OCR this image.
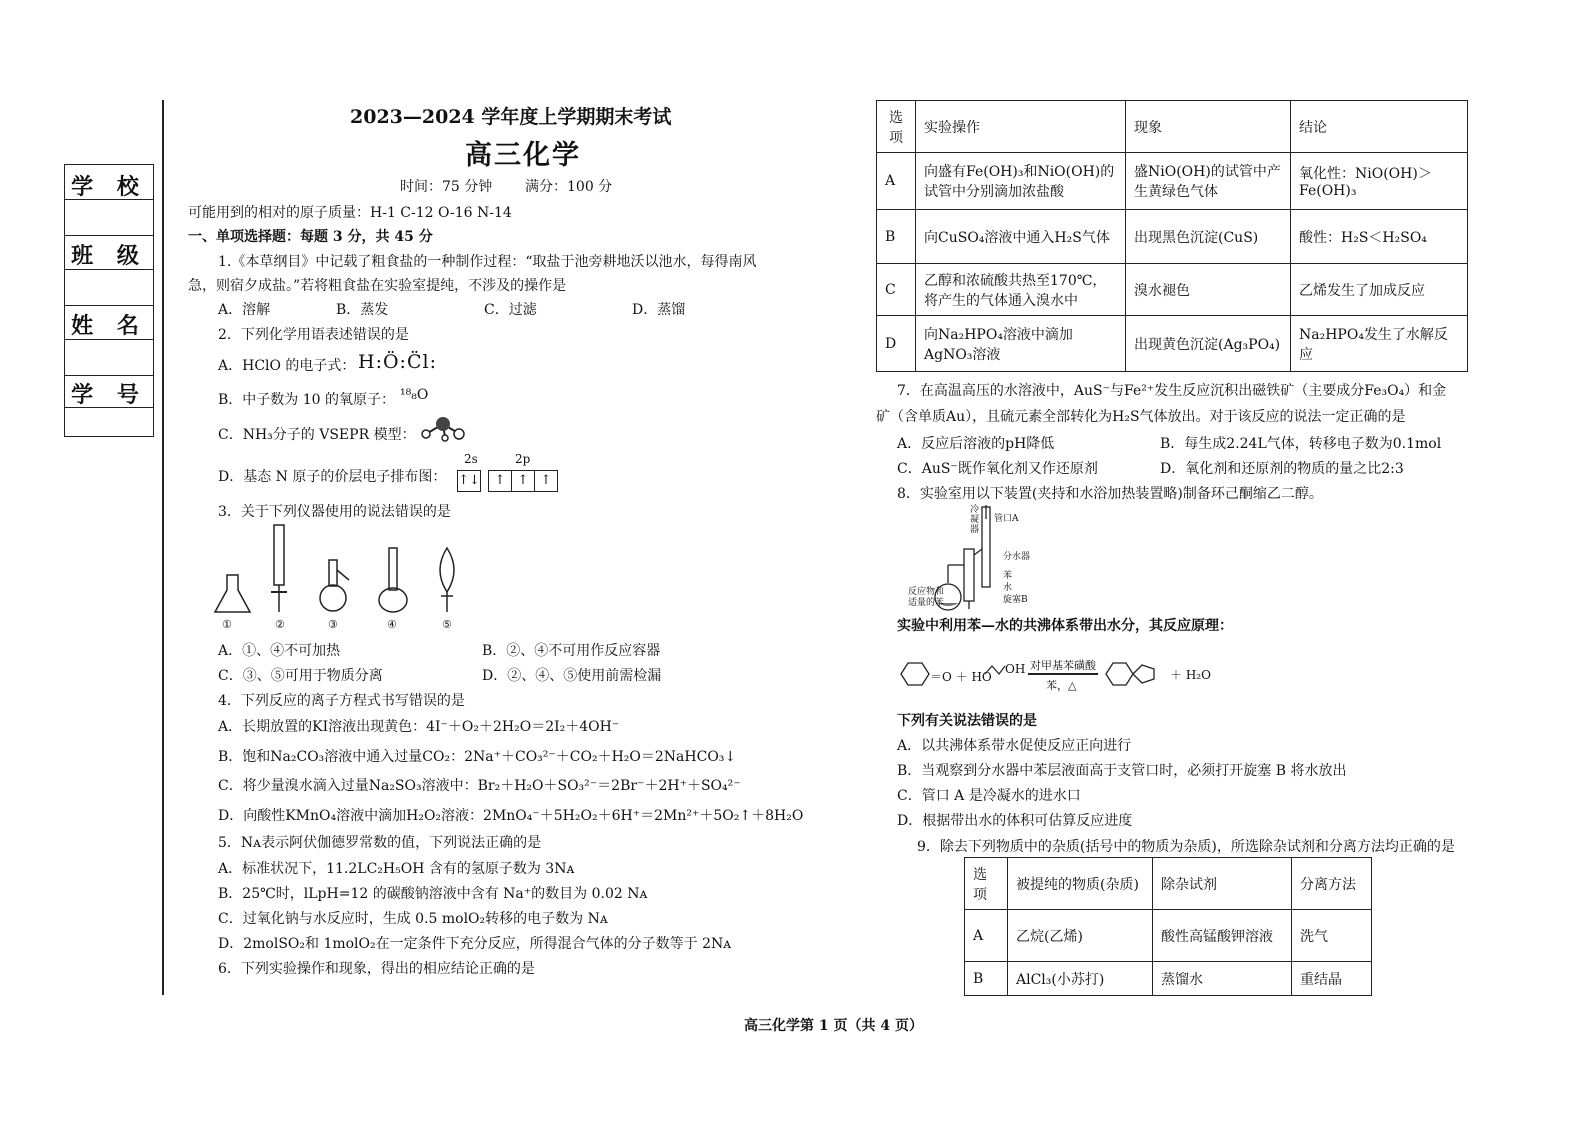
学 校
班 级
姓 名
学 号
2023—2024 学年度上学期期末考试
高三化学
时间：75 分钟 满分：100 分
可能用到的相对的原子质量：H-1 C-12 O-16 N-14
一、单项选择题：每题 3 分，共 45 分
1.《本草纲目》中记载了粗食盐的一种制作过程：“取盐于池旁耕地沃以池水，每得南风
急，则宿夕成盐。”若将粗食盐在实验室提纯，不涉及的操作是
A．溶解	B．蒸发	C．过滤	D．蒸馏
2．下列化学用语表述错误的是
A．HClO 的电子式： H:Ö:C̈l:
B．中子数为 10 的氧原子： ¹⁸₈O
C．NH₃分子的 VSEPR 模型：
D．基态 N 原子的价层电子排布图：
2s	2p
↑↓ ↑ ↑ ↑
3．关于下列仪器使用的说法错误的是
①	②	③	④	⑤
A．①、④不可加热	B．②、④不可用作反应容器
C．③、⑤可用于物质分离	D．②、④、⑤使用前需检漏
4．下列反应的离子方程式书写错误的是
A．长期放置的KI溶液出现黄色：4I⁻＋O₂＋2H₂O＝2I₂＋4OH⁻
B．饱和Na₂CO₃溶液中通入过量CO₂：2Na⁺＋CO₃²⁻＋CO₂＋H₂O＝2NaHCO₃↓
C．将少量溴水滴入过量Na₂SO₃溶液中：Br₂＋H₂O＋SO₃²⁻＝2Br⁻＋2H⁺＋SO₄²⁻
D．向酸性KMnO₄溶液中滴加H₂O₂溶液：2MnO₄⁻＋5H₂O₂＋6H⁺＝2Mn²⁺＋5O₂↑＋8H₂O
5．Nᴀ表示阿伏伽德罗常数的值，下列说法正确的是
A．标准状况下，11.2LC₂H₅OH 含有的氢原子数为 3Nᴀ
B．25℃时，lLpH=12 的碳酸钠溶液中含有 Na⁺的数目为 0.02 Nᴀ
C．过氧化钠与水反应时，生成 0.5 molO₂转移的电子数为 Nᴀ
D．2molSO₂和 1molO₂在一定条件下充分反应，所得混合气体的分子数等于 2Nᴀ
6．下列实验操作和现象，得出的相应结论正确的是
选项	实验操作	现象	结论
A	向盛有Fe(OH)₃和NiO(OH)的试管中分别滴加浓盐酸	盛NiO(OH)的试管中产生黄绿色气体	氧化性：NiO(OH)＞Fe(OH)₃
B	向CuSO₄溶液中通入H₂S气体	出现黑色沉淀(CuS)	酸性：H₂S＜H₂SO₄
C	乙醇和浓硫酸共热至170℃，将产生的气体通入溴水中	溴水褪色	乙烯发生了加成反应
D	向Na₂HPO₄溶液中滴加AgNO₃溶液	出现黄色沉淀(Ag₃PO₄)	Na₂HPO₄发生了水解反应
7．在高温高压的水溶液中，AuS⁻与Fe²⁺发生反应沉积出磁铁矿（主要成分Fe₃O₄）和金
矿（含单质Au），且硫元素全部转化为H₂S气体放出。对于该反应的说法一定正确的是
A．反应后溶液的pH降低	B．每生成2.24L气体，转移电子数为0.1mol
C．AuS⁻既作氧化剂又作还原剂	D．氧化剂和还原剂的物质的量之比2:3
8．实验室用以下装置(夹持和水浴加热装置略)制备环己酮缩乙二醇。
冷凝器
管口A
分水器
苯
水
旋塞B
反应物和适量的苯
实验中利用苯—水的共沸体系带出水分，其反应原理：
＝O ＋ HO
OH 对甲基苯磺酸
苯，△
＋ H₂O
下列有关说法错误的是
A．以共沸体系带水促使反应正向进行
B．当观察到分水器中苯层液面高于支管口时，必须打开旋塞 B 将水放出
C．管口 A 是冷凝水的进水口
D．根据带出水的体积可估算反应进度
9．除去下列物质中的杂质(括号中的物质为杂质)，所选除杂试剂和分离方法均正确的是
选项	被提纯的物质(杂质)	除杂试剂	分离方法
A	乙烷(乙烯)	酸性高锰酸钾溶液	洗气
B	AlCl₃(小苏打)	蒸馏水	重结晶
高三化学第 1 页（共 4 页）
